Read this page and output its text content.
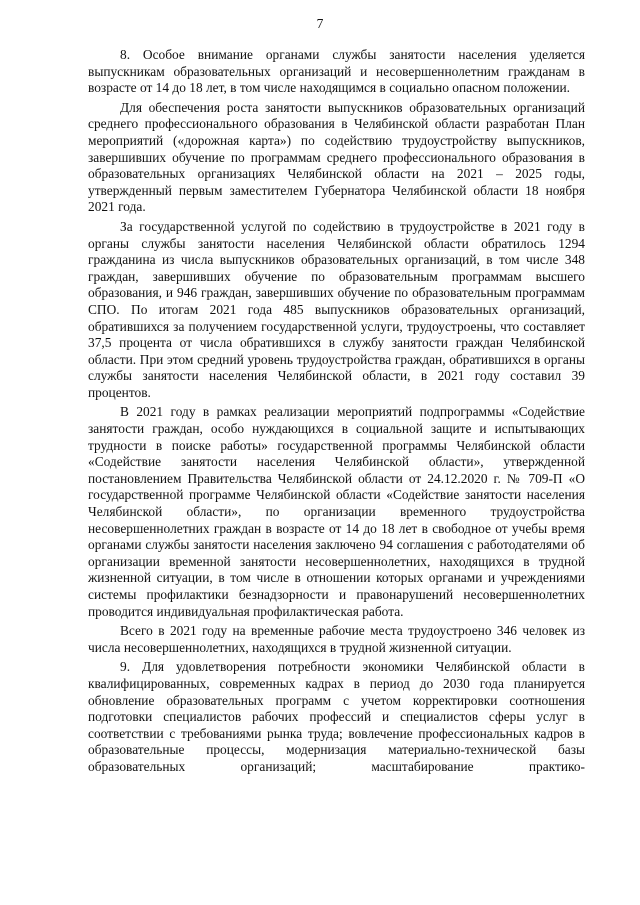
7

8. Особое внимание органами службы занятости населения уделяется выпускникам образовательных организаций и несовершеннолетним гражданам в возрасте от 14 до 18 лет, в том числе находящимся в социально опасном положении.

Для обеспечения роста занятости выпускников образовательных организаций среднего профессионального образования в Челябинской области разработан План мероприятий («дорожная карта») по содействию трудоустройству выпускников, завершивших обучение по программам среднего профессионального образования в образовательных организациях Челябинской области на 2021 – 2025 годы, утвержденный первым заместителем Губернатора Челябинской области 18 ноября 2021 года.

За государственной услугой по содействию в трудоустройстве в 2021 году в органы службы занятости населения Челябинской области обратилось 1294 гражданина из числа выпускников образовательных организаций, в том числе 348 граждан, завершивших обучение по образовательным программам высшего образования, и 946 граждан, завершивших обучение по образовательным программам СПО. По итогам 2021 года 485 выпускников образовательных организаций, обратившихся за получением государственной услуги, трудоустроены, что составляет 37,5 процента от числа обратившихся в службу занятости граждан Челябинской области. При этом средний уровень трудоустройства граждан, обратившихся в органы службы занятости населения Челябинской области, в 2021 году составил 39 процентов.

В 2021 году в рамках реализации мероприятий подпрограммы «Содействие занятости граждан, особо нуждающихся в социальной защите и испытывающих трудности в поиске работы» государственной программы Челябинской области «Содействие занятости населения Челябинской области», утвержденной постановлением Правительства Челябинской области от 24.12.2020 г. № 709-П «О государственной программе Челябинской области «Содействие занятости населения Челябинской области», по организации временного трудоустройства несовершеннолетних граждан в возрасте от 14 до 18 лет в свободное от учебы время органами службы занятости населения заключено 94 соглашения с работодателями об организации временной занятости несовершеннолетних, находящихся в трудной жизненной ситуации, в том числе в отношении которых органами и учреждениями системы профилактики безнадзорности и правонарушений несовершеннолетних проводится индивидуальная профилактическая работа.

Всего в 2021 году на временные рабочие места трудоустроено 346 человек из числа несовершеннолетних, находящихся в трудной жизненной ситуации.

9. Для удовлетворения потребности экономики Челябинской области в квалифицированных, современных кадрах в период до 2030 года планируется обновление образовательных программ с учетом корректировки соотношения подготовки специалистов рабочих профессий и специалистов сферы услуг в соответствии с требованиями рынка труда; вовлечение профессиональных кадров в образовательные процессы, модернизация материально-технической базы образовательных организаций; масштабирование практико-
